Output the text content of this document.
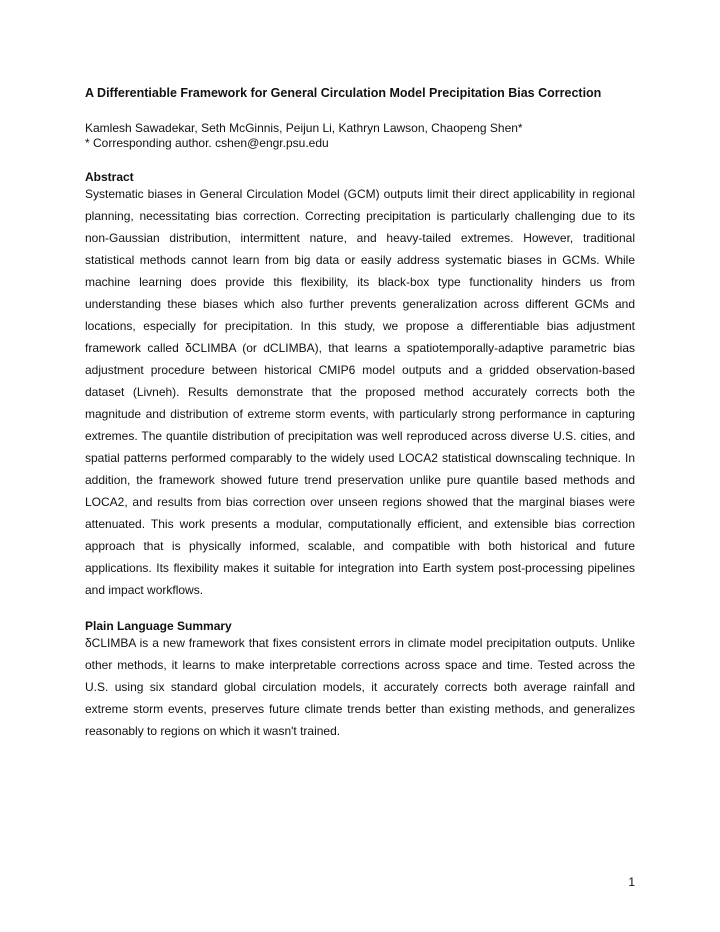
A Differentiable Framework for General Circulation Model Precipitation Bias Correction
Kamlesh Sawadekar, Seth McGinnis, Peijun Li, Kathryn Lawson, Chaopeng Shen*
* Corresponding author. cshen@engr.psu.edu
Abstract

Systematic biases in General Circulation Model (GCM) outputs limit their direct applicability in regional planning, necessitating bias correction. Correcting precipitation is particularly challenging due to its non-Gaussian distribution, intermittent nature, and heavy-tailed extremes. However, traditional statistical methods cannot learn from big data or easily address systematic biases in GCMs. While machine learning does provide this flexibility, its black-box type functionality hinders us from understanding these biases which also further prevents generalization across different GCMs and locations, especially for precipitation. In this study, we propose a differentiable bias adjustment framework called δCLIMBA (or dCLIMBA), that learns a spatiotemporally-adaptive parametric bias adjustment procedure between historical CMIP6 model outputs and a gridded observation-based dataset (Livneh). Results demonstrate that the proposed method accurately corrects both the magnitude and distribution of extreme storm events, with particularly strong performance in capturing extremes. The quantile distribution of precipitation was well reproduced across diverse U.S. cities, and spatial patterns performed comparably to the widely used LOCA2 statistical downscaling technique. In addition, the framework showed future trend preservation unlike pure quantile based methods and LOCA2, and results from bias correction over unseen regions showed that the marginal biases were attenuated. This work presents a modular, computationally efficient, and extensible bias correction approach that is physically informed, scalable, and compatible with both historical and future applications. Its flexibility makes it suitable for integration into Earth system post-processing pipelines and impact workflows.

Plain Language Summary

δCLIMBA is a new framework that fixes consistent errors in climate model precipitation outputs. Unlike other methods, it learns to make interpretable corrections across space and time. Tested across the U.S. using six standard global circulation models, it accurately corrects both average rainfall and extreme storm events, preserves future climate trends better than existing methods, and generalizes reasonably to regions on which it wasn't trained.

1
